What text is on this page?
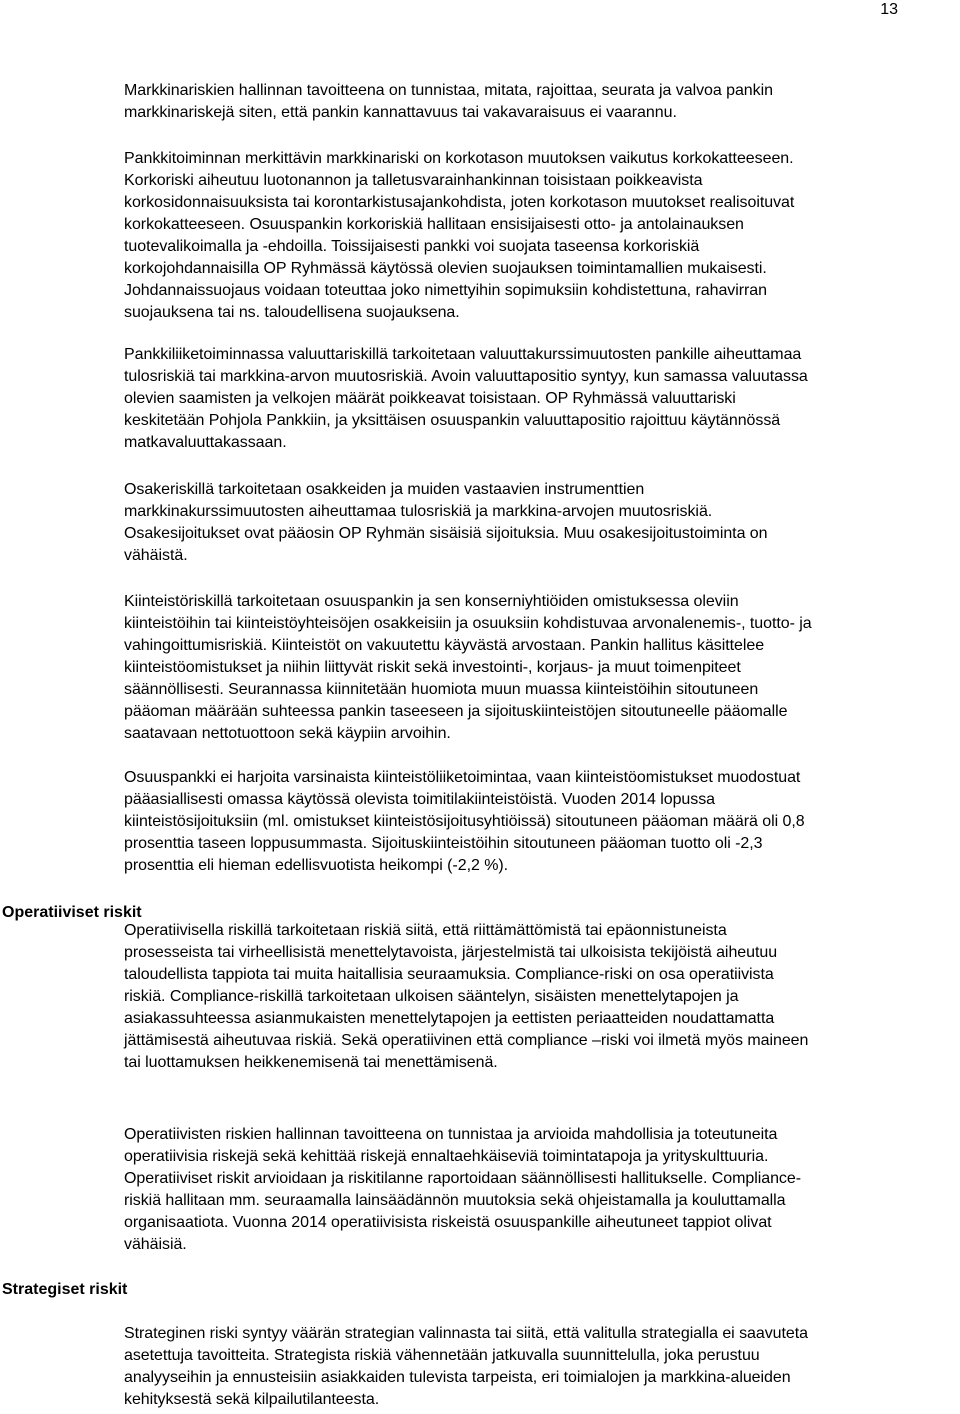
13

Markkinariskien hallinnan tavoitteena on tunnistaa, mitata, rajoittaa, seurata ja valvoa pankin
markkinariskejä siten, että pankin kannattavuus tai vakavaraisuus ei vaarannu.

Pankkitoiminnan merkittävin markkinariski on korkotason muutoksen vaikutus korkokatteeseen.
Korkoriski aiheutuu luotonannon ja talletusvarainhankinnan toisistaan poikkeavista
korkosidonnaisuuksista tai korontarkistusajankohdista, joten korkotason muutokset realisoituvat
korkokatteeseen. Osuuspankin korkoriskiä hallitaan ensisijaisesti otto- ja antolainauksen
tuotevalikoimalla ja -ehdoilla. Toissijaisesti pankki voi suojata taseensa korkoriskiä
korkojohdannaisilla OP Ryhmässä käytössä olevien suojauksen toimintamallien mukaisesti.
Johdannaissuojaus voidaan toteuttaa joko nimettyihin sopimuksiin kohdistettuna, rahavirran
suojauksena tai ns. taloudellisena suojauksena.

Pankkiliiketoiminnassa valuuttariskillä tarkoitetaan valuuttakurssimuutosten pankille aiheuttamaa
tulosriskiä tai markkina-arvon muutosriskiä. Avoin valuuttapositio syntyy, kun samassa valuutassa
olevien saamisten ja velkojen määrät poikkeavat toisistaan. OP Ryhmässä valuuttariski
keskitetään Pohjola Pankkiin, ja yksittäisen osuuspankin valuuttapositio rajoittuu käytännössä
matkavaluuttakassaan.

Osakeriskillä tarkoitetaan osakkeiden ja muiden vastaavien instrumenttien
markkinakurssimuutosten aiheuttamaa tulosriskiä ja markkina-arvojen muutosriskiä.
Osakesijoitukset ovat pääosin OP Ryhmän sisäisiä sijoituksia. Muu osakesijoitustoiminta on
vähäistä.

Kiinteistöriskillä tarkoitetaan osuuspankin ja sen konserniyhtiöiden omistuksessa oleviin
kiinteistöihin tai kiinteistöyhteisöjen osakkeisiin ja osuuksiin kohdistuvaa arvonalenemis-, tuotto- ja
vahingoittumisriskiä. Kiinteistöt on vakuutettu käyvästä arvostaan. Pankin hallitus käsittelee
kiinteistöomistukset ja niihin liittyvät riskit sekä investointi-, korjaus- ja muut toimenpiteet
säännöllisesti. Seurannassa kiinnitetään huomiota muun muassa kiinteistöihin sitoutuneen
pääoman määrään suhteessa pankin taseeseen ja sijoituskiinteistöjen sitoutuneelle pääomalle
saatavaan nettotuottoon sekä käypiin arvoihin.

Osuuspankki ei harjoita varsinaista kiinteistöliiketoimintaa, vaan kiinteistöomistukset muodostuat
pääasiallisesti omassa käytössä olevista toimitilakiinteistöistä. Vuoden 2014 lopussa
kiinteistösijoituksiin (ml. omistukset kiinteistösijoitusyhtiöissä) sitoutuneen pääoman määrä oli 0,8
prosenttia taseen loppusummasta. Sijoituskiinteistöihin sitoutuneen pääoman tuotto oli -2,3
prosenttia eli hieman edellisvuotista heikompi (-2,2 %).

Operatiiviset riskit

Operatiivisella riskillä tarkoitetaan riskiä siitä, että riittämättömistä tai epäonnistuneista
prosesseista tai virheellisistä menettelytavoista, järjestelmistä tai ulkoisista tekijöistä aiheutuu
taloudellista tappiota tai muita haitallisia seuraamuksia. Compliance-riski on osa operatiivista
riskiä. Compliance-riskillä tarkoitetaan ulkoisen sääntelyn, sisäisten menettelytapojen ja
asiakassuhteessa asianmukaisten menettelytapojen ja eettisten periaatteiden noudattamatta
jättämisestä aiheutuvaa riskiä. Sekä operatiivinen että compliance –riski voi ilmetä myös maineen
tai luottamuksen heikkenemisenä tai menettämisenä.

Operatiivisten riskien hallinnan tavoitteena on tunnistaa ja arvioida mahdollisia ja toteutuneita
operatiivisia riskejä sekä kehittää riskejä ennaltaehkäiseviä toimintatapoja ja yrityskulttuuria.
Operatiiviset riskit arvioidaan ja riskitilanne raportoidaan säännöllisesti hallitukselle. Compliance-
riskiä hallitaan mm. seuraamalla lainsäädännön muutoksia sekä ohjeistamalla ja kouluttamalla
organisaatiota. Vuonna 2014 operatiivisista riskeistä osuuspankille aiheutuneet tappiot olivat
vähäisiä.

Strategiset riskit

Strateginen riski syntyy väärän strategian valinnasta tai siitä, että valitulla strategialla ei saavuteta
asetettuja tavoitteita. Strategista riskiä vähennetään jatkuvalla suunnittelulla, joka perustuu
analyyseihin ja ennusteisiin asiakkaiden tulevista tarpeista, eri toimialojen ja markkina-alueiden
kehityksestä sekä kilpailutilanteesta.
